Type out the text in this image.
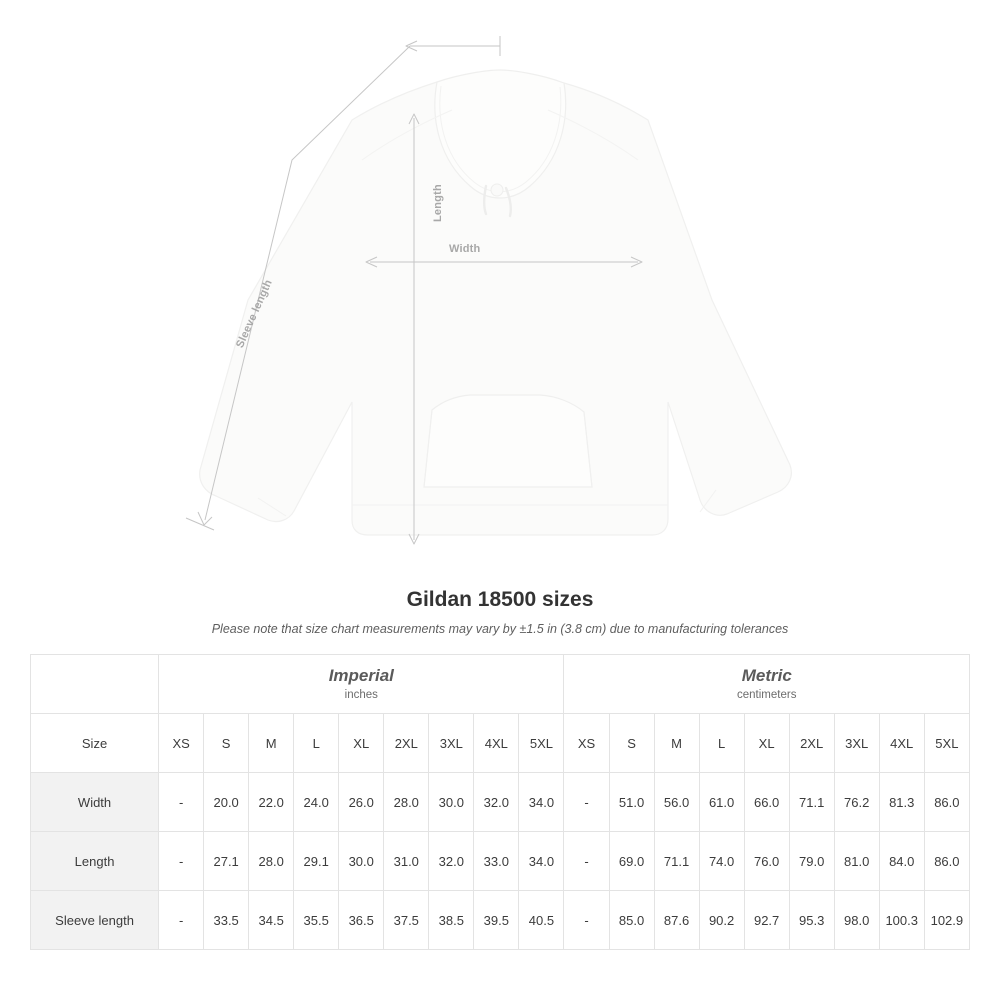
Length
Width
Sleeve length
Gildan 18500 sizes

Please note that size chart measurements may vary by ±1.5 in (3.8 cm) due to manufacturing tolerances

	Imperial
inches									Metric
centimeters								

Size	XS	S	M	L	XL	2XL	3XL	4XL	5XL	XS	S	M	L	XL	2XL	3XL	4XL	5XL
Width	-	20.0	22.0	24.0	26.0	28.0	30.0	32.0	34.0	-	51.0	56.0	61.0	66.0	71.1	76.2	81.3	86.0
Length	-	27.1	28.0	29.1	30.0	31.0	32.0	33.0	34.0	-	69.0	71.1	74.0	76.0	79.0	81.0	84.0	86.0
Sleeve length	-	33.5	34.5	35.5	36.5	37.5	38.5	39.5	40.5	-	85.0	87.6	90.2	92.7	95.3	98.0	100.3	102.9
